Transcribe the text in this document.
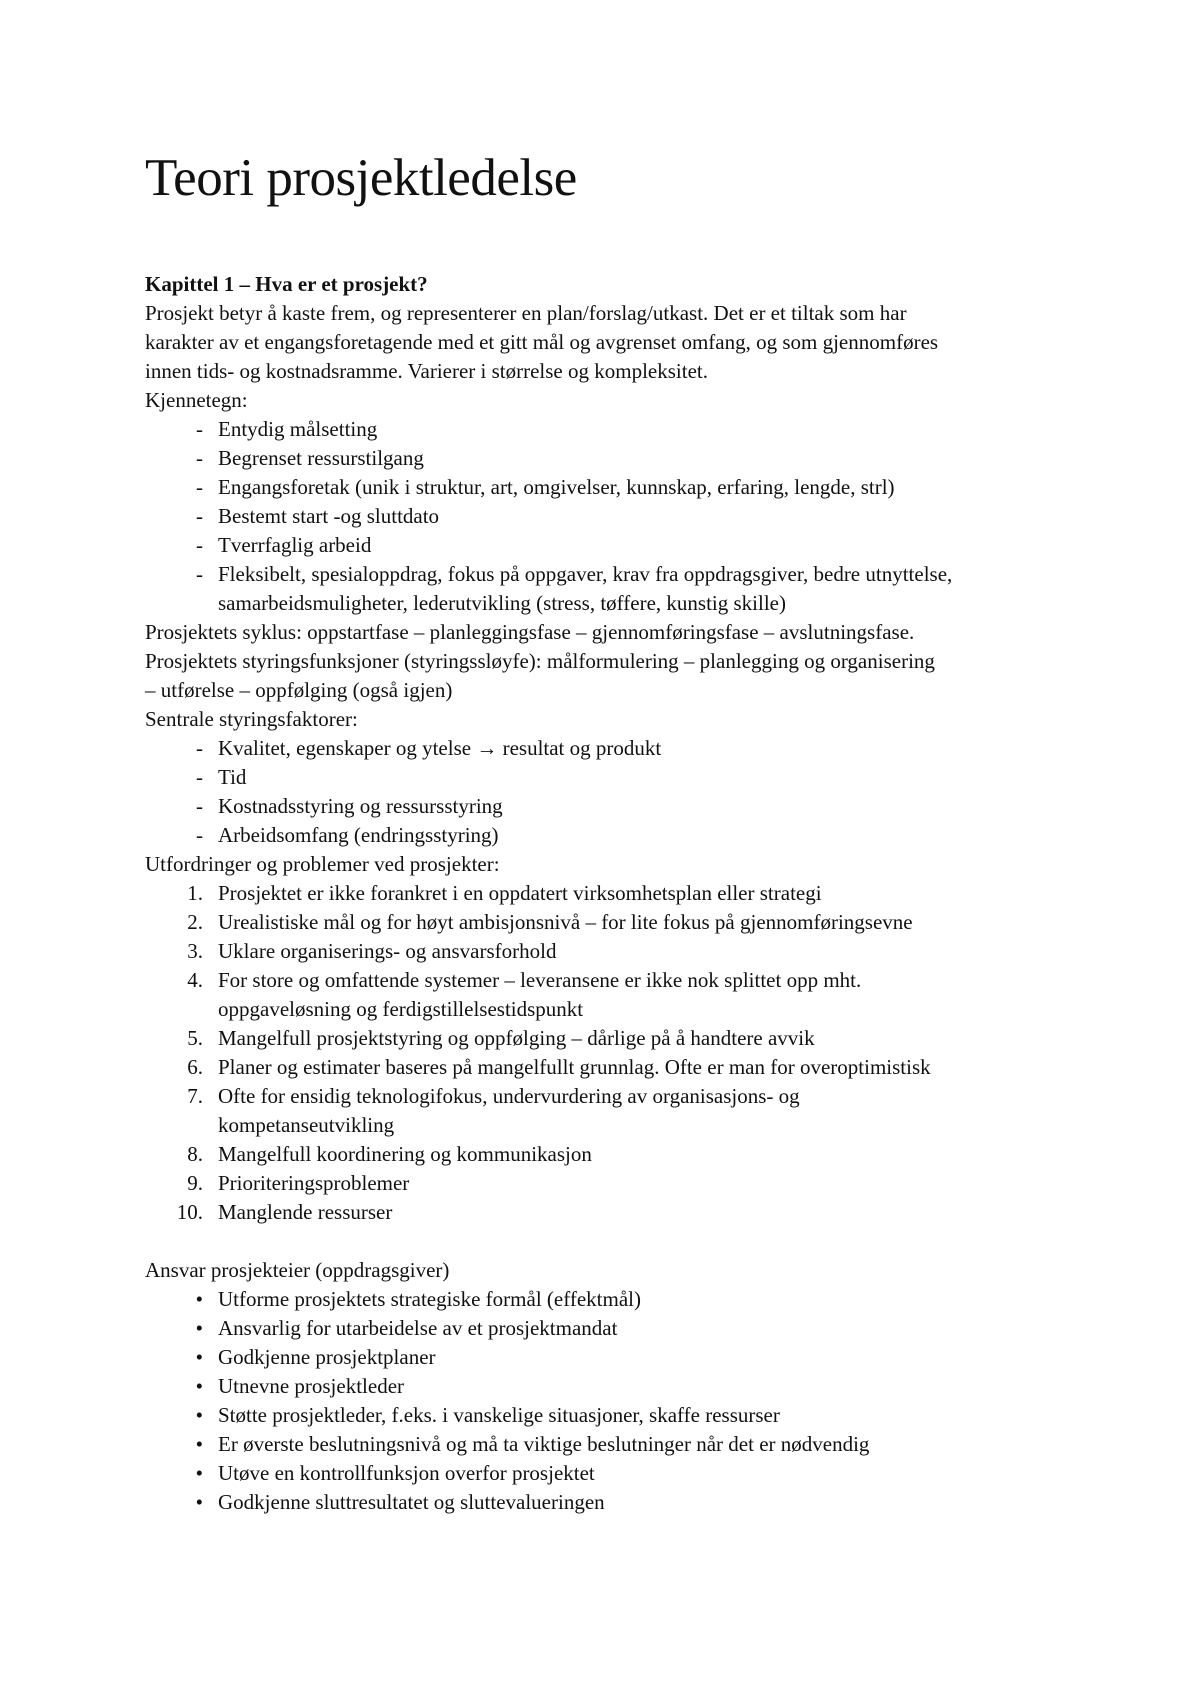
Teori prosjektledelse

Kapittel 1 – Hva er et prosjekt?

Prosjekt betyr å kaste frem, og representerer en plan/forslag/utkast. Det er et tiltak som har
karakter av et engangsforetagende med et gitt mål og avgrenset omfang, og som gjennomføres
innen tids- og kostnadsramme. Varierer i størrelse og kompleksitet.

Kjennetegn:

- Entydig målsetting
- Begrenset ressurstilgang
- Engangsforetak (unik i struktur, art, omgivelser, kunnskap, erfaring, lengde, strl)
- Bestemt start -og sluttdato
- Tverrfaglig arbeid
- Fleksibelt, spesialoppdrag, fokus på oppgaver, krav fra oppdragsgiver, bedre utnyttelse,
samarbeidsmuligheter, lederutvikling (stress, tøffere, kunstig skille)

Prosjektets syklus: oppstartfase – planleggingsfase – gjennomføringsfase – avslutningsfase.

Prosjektets styringsfunksjoner (styringssløyfe): målformulering – planlegging og organisering
– utførelse – oppfølging (også igjen)

Sentrale styringsfaktorer:

- Kvalitet, egenskaper og ytelse → resultat og produkt
- Tid
- Kostnadsstyring og ressursstyring
- Arbeidsomfang (endringsstyring)

Utfordringer og problemer ved prosjekter:

1. Prosjektet er ikke forankret i en oppdatert virksomhetsplan eller strategi
2. Urealistiske mål og for høyt ambisjonsnivå – for lite fokus på gjennomføringsevne
3. Uklare organiserings- og ansvarsforhold
4. For store og omfattende systemer – leveransene er ikke nok splittet opp mht.
oppgaveløsning og ferdigstillelsestidspunkt
5. Mangelfull prosjektstyring og oppfølging – dårlige på å handtere avvik
6. Planer og estimater baseres på mangelfullt grunnlag. Ofte er man for overoptimistisk
7. Ofte for ensidig teknologifokus, undervurdering av organisasjons- og
kompetanseutvikling
8. Mangelfull koordinering og kommunikasjon
9. Prioriteringsproblemer
10. Manglende ressurser

Ansvar prosjekteier (oppdragsgiver)

• Utforme prosjektets strategiske formål (effektmål)
• Ansvarlig for utarbeidelse av et prosjektmandat
• Godkjenne prosjektplaner
• Utnevne prosjektleder
• Støtte prosjektleder, f.eks. i vanskelige situasjoner, skaffe ressurser
• Er øverste beslutningsnivå og må ta viktige beslutninger når det er nødvendig
• Utøve en kontrollfunksjon overfor prosjektet
• Godkjenne sluttresultatet og sluttevalueringen
